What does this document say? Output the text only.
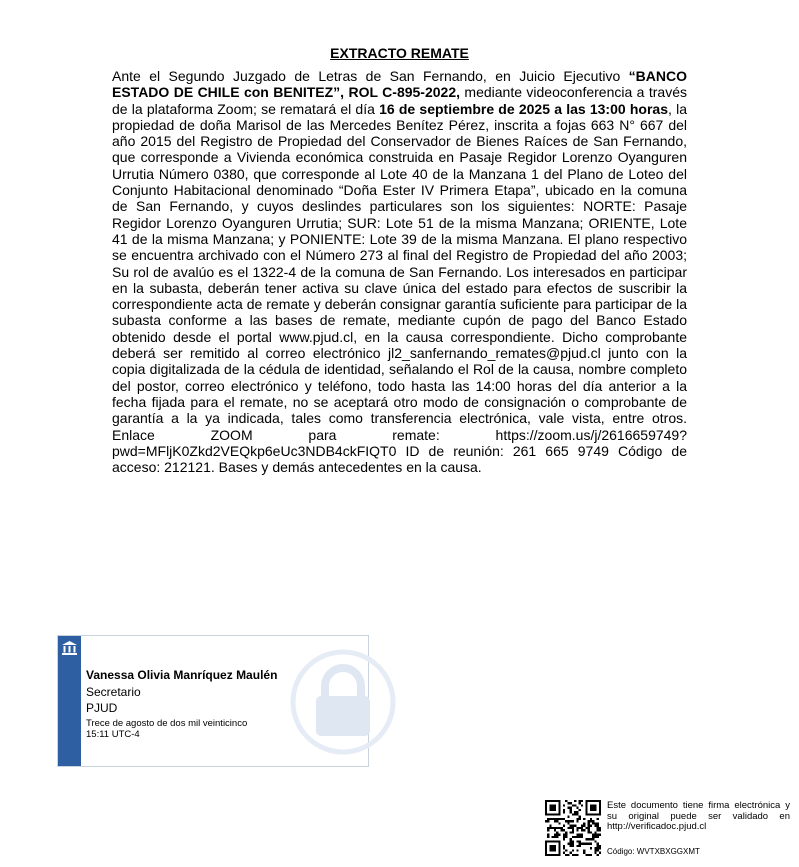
EXTRACTO REMATE
Ante el Segundo Juzgado de Letras de San Fernando, en Juicio Ejecutivo “BANCO ESTADO DE CHILE con BENITEZ”, ROL C-895-2022, mediante videoconferencia a través de la plataforma Zoom; se rematará el día 16 de septiembre de 2025 a las 13:00 horas, la propiedad de doña Marisol de las Mercedes Benítez Pérez, inscrita a fojas 663 N° 667 del año 2015 del Registro de Propiedad del Conservador de Bienes Raíces de San Fernando, que corresponde a Vivienda económica construida en Pasaje Regidor Lorenzo Oyanguren Urrutia Número 0380, que corresponde al Lote 40 de la Manzana 1 del Plano de Loteo del Conjunto Habitacional denominado “Doña Ester IV Primera Etapa”, ubicado en la comuna de San Fernando, y cuyos deslindes particulares son los siguientes: NORTE: Pasaje Regidor Lorenzo Oyanguren Urrutia; SUR: Lote 51 de la misma Manzana; ORIENTE, Lote 41 de la misma Manzana; y PONIENTE: Lote 39 de la misma Manzana. El plano respectivo se encuentra archivado con el Número 273 al final del Registro de Propiedad del año 2003; Su rol de avalúo es el 1322-4 de la comuna de San Fernando. Los interesados en participar en la subasta, deberán tener activa su clave única del estado para efectos de suscribir la correspondiente acta de remate y deberán consignar garantía suficiente para participar de la subasta conforme a las bases de remate, mediante cupón de pago del Banco Estado obtenido desde el portal www.pjud.cl, en la causa correspondiente. Dicho comprobante deberá ser remitido al correo electrónico jl2_sanfernando_remates@pjud.cl junto con la copia digitalizada de la cédula de identidad, señalando el Rol de la causa, nombre completo del postor, correo electrónico y teléfono, todo hasta las 14:00 horas del día anterior a la fecha fijada para el remate, no se aceptará otro modo de consignación o comprobante de garantía a la ya indicada, tales como transferencia electrónica, vale vista, entre otros. Enlace ZOOM para remate: https://zoom.us/j/2616659749?pwd=MFljK0Zkd2VEQkp6eUc3NDB4ckFIQT0 ID de reunión: 261 665 9749 Código de acceso: 212121. Bases y demás antecedentes en la causa.
Vanessa Olivia Manríquez Maulén
Secretario
PJUD
Trece de agosto de dos mil veinticinco
15:11 UTC-4
Este documento tiene firma electrónica y su original puede ser validado en http://verificadoc.pjud.cl
Código: WVTXBXGGXMT
